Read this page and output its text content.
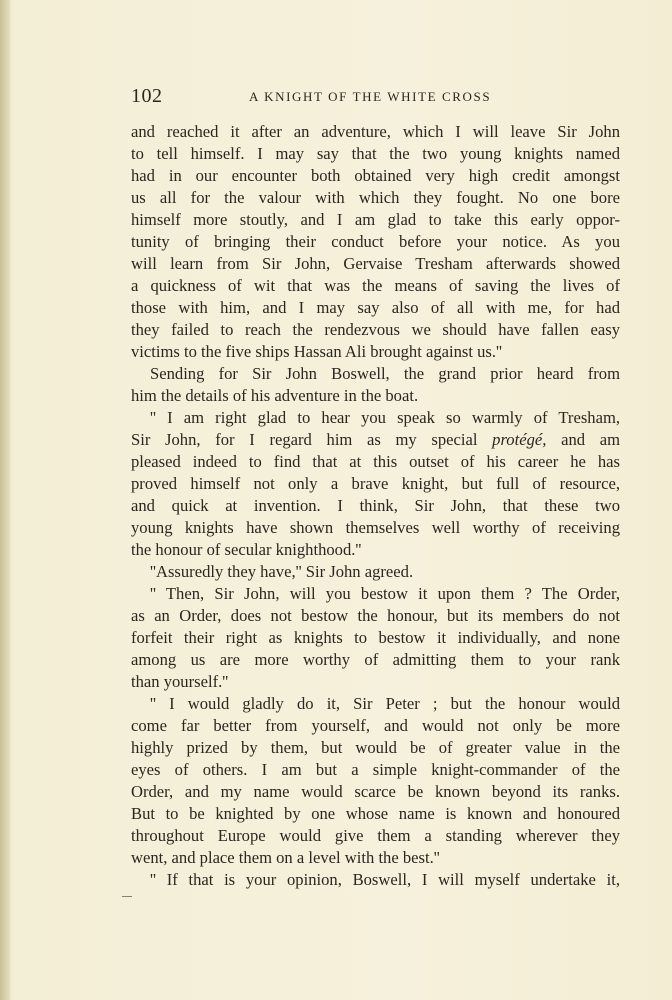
102	A KNIGHT OF THE WHITE CROSS
and reached it after an adventure, which I will leave Sir John
to tell himself. I may say that the two young knights named
had in our encounter both obtained very high credit amongst
us all for the valour with which they fought. No one bore
himself more stoutly, and I am glad to take this early oppor-
tunity of bringing their conduct before your notice. As you
will learn from Sir John, Gervaise Tresham afterwards showed
a quickness of wit that was the means of saving the lives of
those with him, and I may say also of all with me, for had
they failed to reach the rendezvous we should have fallen easy
victims to the five ships Hassan Ali brought against us.''
Sending for Sir John Boswell, the grand prior heard from
him the details of his adventure in the boat.
'' I am right glad to hear you speak so warmly of Tresham,
Sir John, for I regard him as my special protégé, and am
pleased indeed to find that at this outset of his career he has
proved himself not only a brave knight, but full of resource,
and quick at invention. I think, Sir John, that these two
young knights have shown themselves well worthy of receiving
the honour of secular knighthood.''
''Assuredly they have,'' Sir John agreed.
'' Then, Sir John, will you bestow it upon them ? The Order,
as an Order, does not bestow the honour, but its members do not
forfeit their right as knights to bestow it individually, and none
among us are more worthy of admitting them to your rank
than yourself.''
'' I would gladly do it, Sir Peter ; but the honour would
come far better from yourself, and would not only be more
highly prized by them, but would be of greater value in the
eyes of others. I am but a simple knight-commander of the
Order, and my name would scarce be known beyond its ranks.
But to be knighted by one whose name is known and honoured
throughout Europe would give them a standing wherever they
went, and place them on a level with the best.''
'' If that is your opinion, Boswell, I will myself undertake it,
